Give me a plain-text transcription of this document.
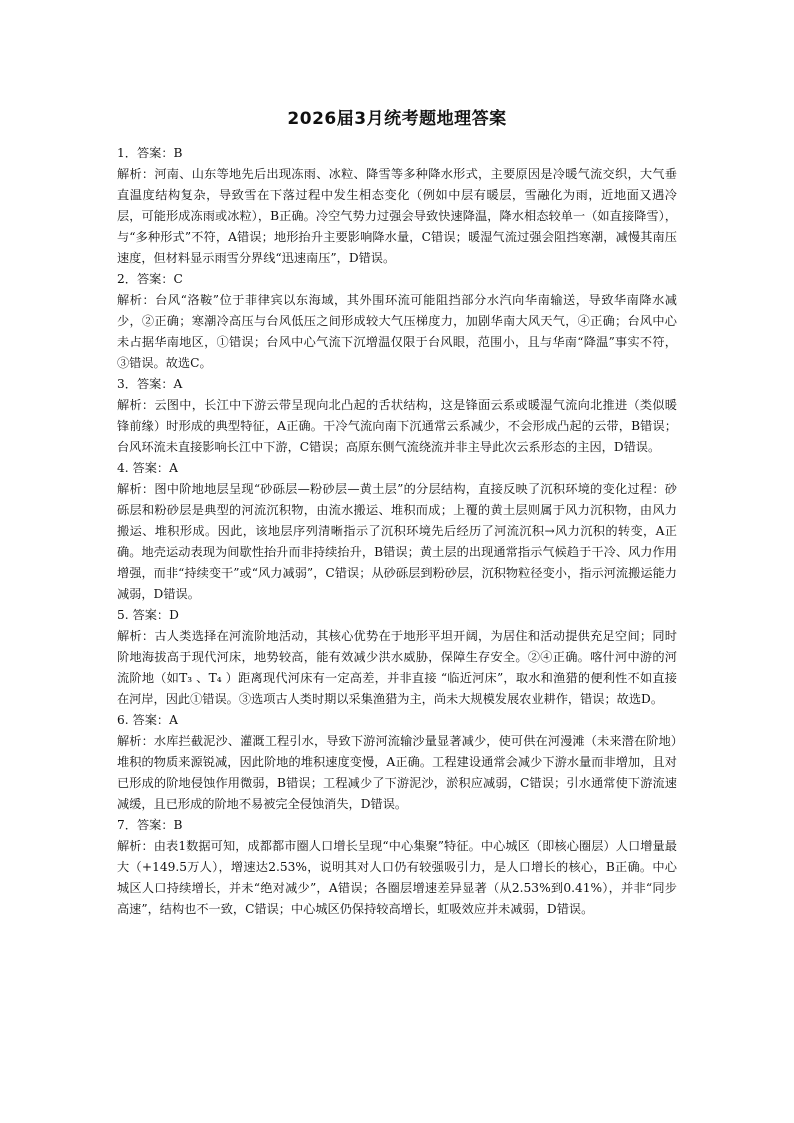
2026届3月统考题地理答案

1．答案：B

解析：河南、山东等地先后出现冻雨、冰粒、降雪等多种降水形式，主要原因是冷暖气流交织，大气垂直温度结构复杂，导致雪在下落过程中发生相态变化（例如中层有暖层，雪融化为雨，近地面又遇冷层，可能形成冻雨或冰粒），B正确。冷空气势力过强会导致快速降温，降水相态较单一（如直接降雪），与“多种形式”不符，A错误；地形抬升主要影响降水量，C错误；暖湿气流过强会阻挡寒潮，减慢其南压速度，但材料显示雨雪分界线“迅速南压”，D错误。

2．答案：C

解析：台风“洛鞍”位于菲律宾以东海域，其外围环流可能阻挡部分水汽向华南输送，导致华南降水减少，②正确；寒潮冷高压与台风低压之间形成较大气压梯度力，加剧华南大风天气，④正确；台风中心未占据华南地区，①错误；台风中心气流下沉增温仅限于台风眼，范围小，且与华南“降温”事实不符，③错误。故选C。

3．答案：A

解析：云图中，长江中下游云带呈现向北凸起的舌状结构，这是锋面云系或暖湿气流向北推进（类似暖锋前缘）时形成的典型特征，A正确。干冷气流向南下沉通常云系减少，不会形成凸起的云带，B错误；台风环流未直接影响长江中下游，C错误；高原东侧气流绕流并非主导此次云系形态的主因，D错误。

4. 答案：A

解析：图中阶地地层呈现“砂砾层—粉砂层—黄土层”的分层结构，直接反映了沉积环境的变化过程：砂砾层和粉砂层是典型的河流沉积物，由流水搬运、堆积而成；上覆的黄土层则属于风力沉积物，由风力搬运、堆积形成。因此，该地层序列清晰指示了沉积环境先后经历了河流沉积→风力沉积的转变，A正确。地壳运动表现为间歇性抬升而非持续抬升，B错误；黄土层的出现通常指示气候趋于干冷、风力作用增强，而非“持续变干”或“风力减弱”，C错误；从砂砾层到粉砂层，沉积物粒径变小，指示河流搬运能力减弱，D错误。

5. 答案：D

解析：古人类选择在河流阶地活动，其核心优势在于地形平坦开阔，为居住和活动提供充足空间；同时阶地海拔高于现代河床，地势较高，能有效减少洪水威胁，保障生存安全。②④正确。喀什河中游的河流阶地（如T₃ 、T₄ ）距离现代河床有一定高差，并非直接 “临近河床”，取水和渔猎的便利性不如直接在河岸，因此①错误。③选项古人类时期以采集渔猎为主，尚未大规模发展农业耕作，错误；故选D。

6. 答案：A

解析：水库拦截泥沙、灌溉工程引水，导致下游河流输沙量显著减少，使可供在河漫滩（未来潜在阶地）堆积的物质来源锐减，因此阶地的堆积速度变慢，A正确。工程建设通常会减少下游水量而非增加，且对已形成的阶地侵蚀作用微弱，B错误；工程减少了下游泥沙，淤积应减弱，C错误；引水通常使下游流速减缓，且已形成的阶地不易被完全侵蚀消失，D错误。

7．答案：B

解析：由表1数据可知，成都都市圈人口增长呈现“中心集聚”特征。中心城区（即核心圈层）人口增量最大（+149.5万人），增速达2.53%，说明其对人口仍有较强吸引力，是人口增长的核心，B正确。中心城区人口持续增长，并未“绝对减少”，A错误；各圈层增速差异显著（从2.53%到0.41%），并非“同步高速”，结构也不一致，C错误；中心城区仍保持较高增长，虹吸效应并未减弱，D错误。
